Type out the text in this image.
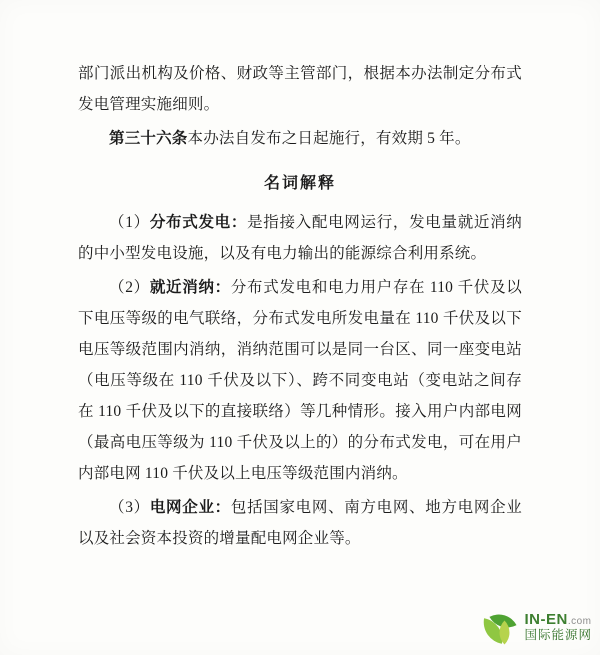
部门派出机构及价格、财政等主管部门，根据本办法制定分布式发电管理实施细则。

第三十六条本办法自发布之日起施行，有效期 5 年。

名词解释

（1）分布式发电：是指接入配电网运行，发电量就近消纳的中小型发电设施，以及有电力输出的能源综合利用系统。

（2）就近消纳：分布式发电和电力用户存在 110 千伏及以下电压等级的电气联络，分布式发电所发电量在 110 千伏及以下电压等级范围内消纳，消纳范围可以是同一台区、同一座变电站（电压等级在 110 千伏及以下）、跨不同变电站（变电站之间存在 110 千伏及以下的直接联络）等几种情形。接入用户内部电网（最高电压等级为 110 千伏及以上的）的分布式发电，可在用户内部电网 110 千伏及以上电压等级范围内消纳。

（3）电网企业：包括国家电网、南方电网、地方电网企业以及社会资本投资的增量配电网企业等。

IN-EN.com
国际能源网
